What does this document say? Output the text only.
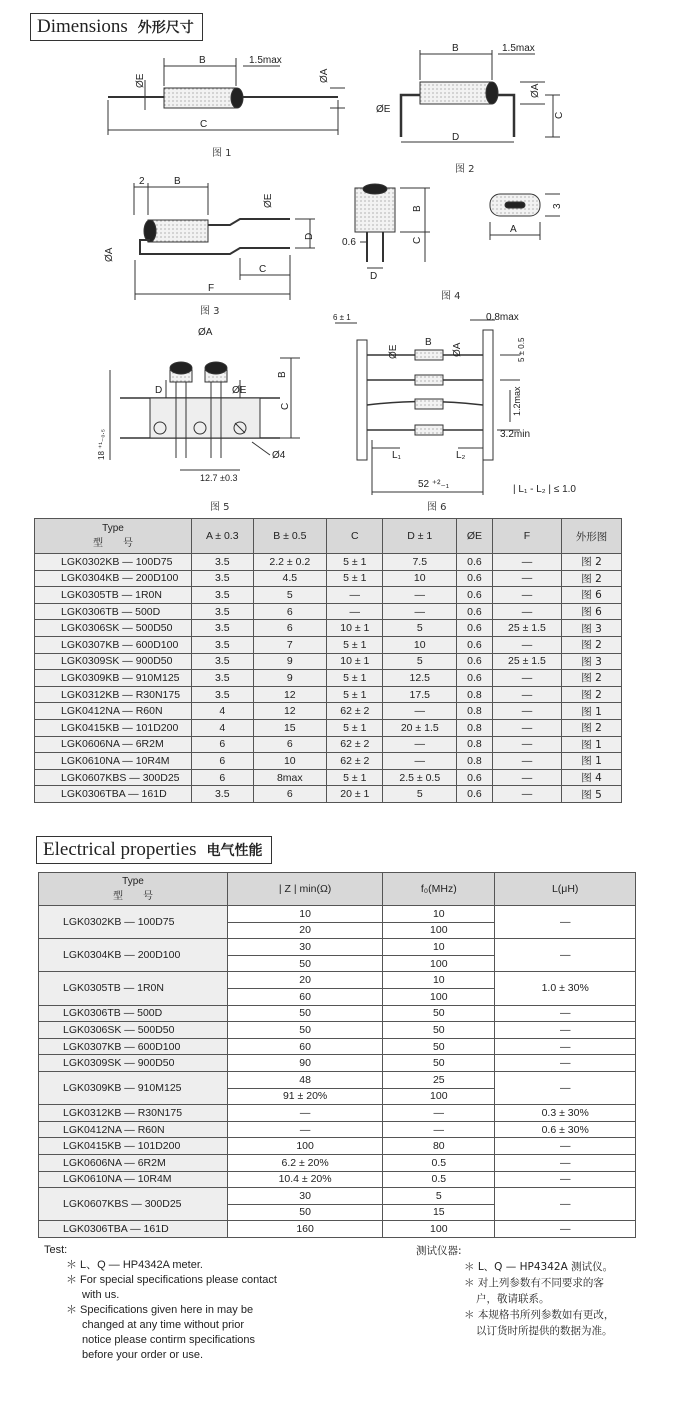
Dimensions 外形尺寸
B	1.5max
ØE	ØA
C
B	1.5max
ØE
ØA
C
D
2	B
ØE
ØA
D
C
F
B
C
0.6
D
3
A
ØA
B
D	ØE
C
18 ⁺¹₋₀.₅	Ø4
12.7 ±0.3
6 ± 1	0.8max
ØE
B
ØA	5 ± 0.5
1.2max
3.2min
L₁	L₂
52 ⁺²₋₁	| L₁ - L₂ | ≤ 1.0
图 1
图 2
图 3
图 4
图 5	图 6
Type
型　　号	A ± 0.3	B ± 0.5	C	D ± 1	ØE	F	外形图
LGK0302KB — 100D75	3.5	2.2 ± 0.2	5 ± 1	7.5	0.6	—	图 2
LGK0304KB — 200D100	3.5	4.5	5 ± 1	10	0.6	—	图 2
LGK0305TB — 1R0N	3.5	5	—	—	0.6	—	图 6
LGK0306TB — 500D	3.5	6	—	—	0.6	—	图 6
LGK0306SK — 500D50	3.5	6	10 ± 1	5	0.6	25 ± 1.5	图 3
LGK0307KB — 600D100	3.5	7	5 ± 1	10	0.6	—	图 2
LGK0309SK — 900D50	3.5	9	10 ± 1	5	0.6	25 ± 1.5	图 3
LGK0309KB — 910M125	3.5	9	5 ± 1	12.5	0.6	—	图 2
LGK0312KB — R30N175	3.5	12	5 ± 1	17.5	0.8	—	图 2
LGK0412NA — R60N	4	12	62 ± 2	—	0.8	—	图 1
LGK0415KB — 101D200	4	15	5 ± 1	20 ± 1.5	0.8	—	图 2
LGK0606NA — 6R2M	6	6	62 ± 2	—	0.8	—	图 1
LGK0610NA — 10R4M	6	10	62 ± 2	—	0.8	—	图 1
LGK0607KBS — 300D25	6	8max	5 ± 1	2.5 ± 0.5	0.6	—	图 4
LGK0306TBA — 161D	3.5	6	20 ± 1	5	0.6	—	图 5
Electrical properties 电气性能
Type
型　　号	| Z | min(Ω)	f₀(MHz)	L(μH)
LGK0302KB — 100D75	10	10	—
	20	100	
LGK0304KB — 200D100	30	10	—
	50	100	
LGK0305TB — 1R0N	20	10	1.0 ± 30%
	60	100	
LGK0306TB — 500D	50	50	—
LGK0306SK — 500D50	50	50	—
LGK0307KB — 600D100	60	50	—
LGK0309SK — 900D50	90	50	—
LGK0309KB — 910M125	48	25	—
	91 ± 20%	100	
LGK0312KB — R30N175	—	—	0.3 ± 30%
LGK0412NA — R60N	—	—	0.6 ± 30%
LGK0415KB — 101D200	100	80	—
LGK0606NA — 6R2M	6.2 ± 20%	0.5	—
LGK0610NA — 10R4M	10.4 ± 20%	0.5	—
LGK0607KBS — 300D25	30	5	—
	50	15	
LGK0306TBA — 161D	160	100	—
Test:
＊ L、Q — HP4342A meter.
＊ For special specifications please contact
with us.
＊ Specifications given here in may be
changed at any time without prior
notice please contirm specifications
before your order or use.
测试仪器:
＊ L、Q — HP4342A 测试仪。
＊ 对上列参数有不同要求的客
户，敬请联系。
＊ 本规格书所列参数如有更改，
以订货时所提供的数据为准。
